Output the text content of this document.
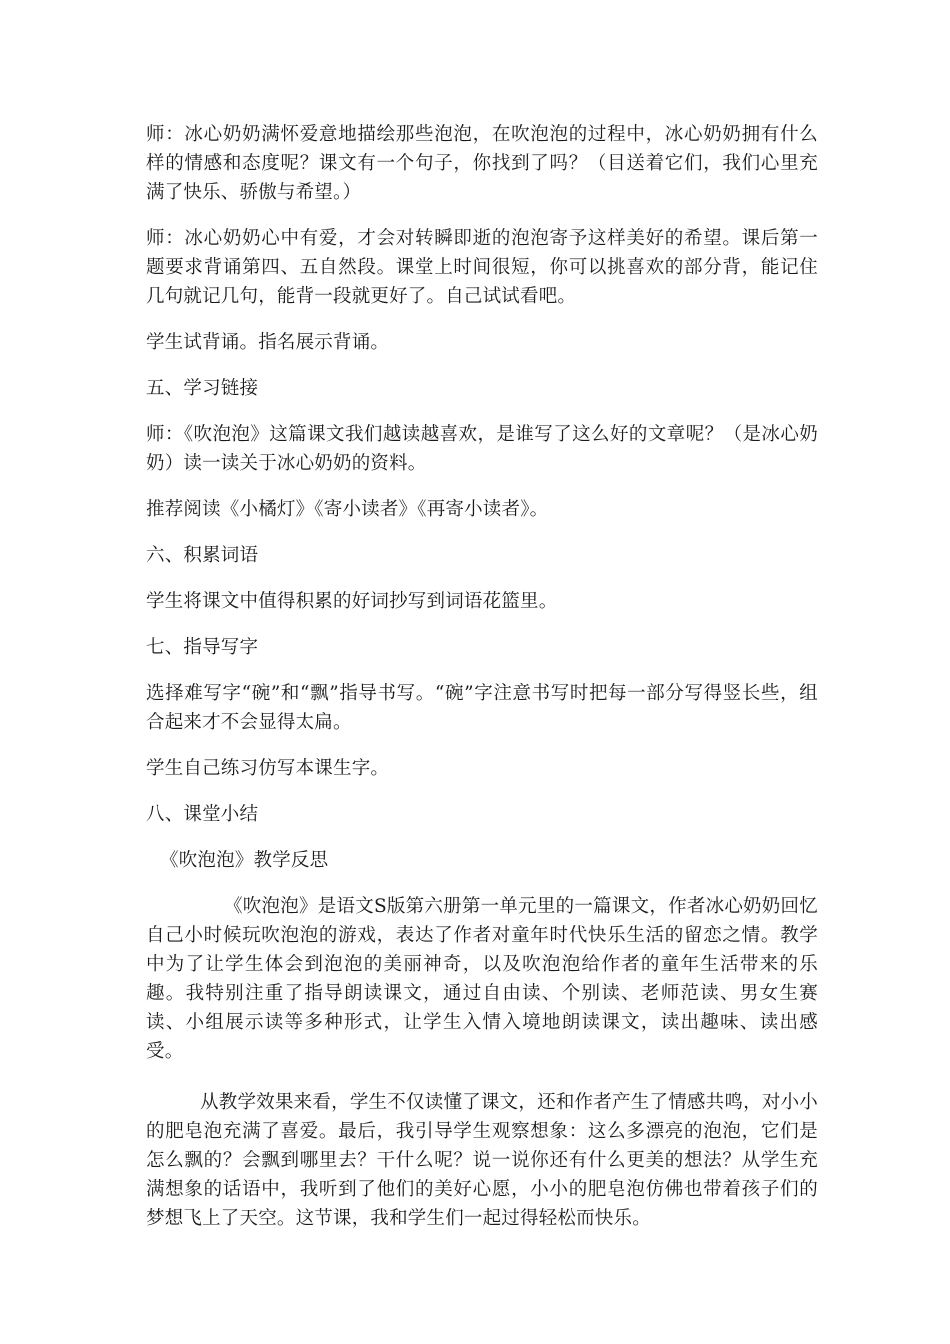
师：冰心奶奶满怀爱意地描绘那些泡泡，在吹泡泡的过程中，冰心奶奶拥有什么样的情感和态度呢？课文有一个句子，你找到了吗？（目送着它们，我们心里充满了快乐、骄傲与希望。）

师：冰心奶奶心中有爱，才会对转瞬即逝的泡泡寄予这样美好的希望。课后第一题要求背诵第四、五自然段。课堂上时间很短，你可以挑喜欢的部分背，能记住几句就记几句，能背一段就更好了。自己试试看吧。

学生试背诵。指名展示背诵。

五、学习链接

师：《吹泡泡》这篇课文我们越读越喜欢，是谁写了这么好的文章呢？（是冰心奶奶）读一读关于冰心奶奶的资料。

推荐阅读《小橘灯》《寄小读者》《再寄小读者》。

六、积累词语

学生将课文中值得积累的好词抄写到词语花篮里。

七、指导写字

选择难写字“碗”和“飘”指导书写。“碗”字注意书写时把每一部分写得竖长些，组合起来才不会显得太扁。

学生自己练习仿写本课生字。

八、课堂小结

《吹泡泡》教学反思

《吹泡泡》是语文S版第六册第一单元里的一篇课文，作者冰心奶奶回忆自己小时候玩吹泡泡的游戏，表达了作者对童年时代快乐生活的留恋之情。教学中为了让学生体会到泡泡的美丽神奇，以及吹泡泡给作者的童年生活带来的乐趣。我特别注重了指导朗读课文，通过自由读、个别读、老师范读、男女生赛读、小组展示读等多种形式，让学生入情入境地朗读课文，读出趣味、读出感受。

从教学效果来看，学生不仅读懂了课文，还和作者产生了情感共鸣，对小小的肥皂泡充满了喜爱。最后，我引导学生观察想象：这么多漂亮的泡泡，它们是怎么飘的？会飘到哪里去？干什么呢？说一说你还有什么更美的想法？从学生充满想象的话语中，我听到了他们的美好心愿，小小的肥皂泡仿佛也带着孩子们的梦想飞上了天空。这节课，我和学生们一起过得轻松而快乐。
